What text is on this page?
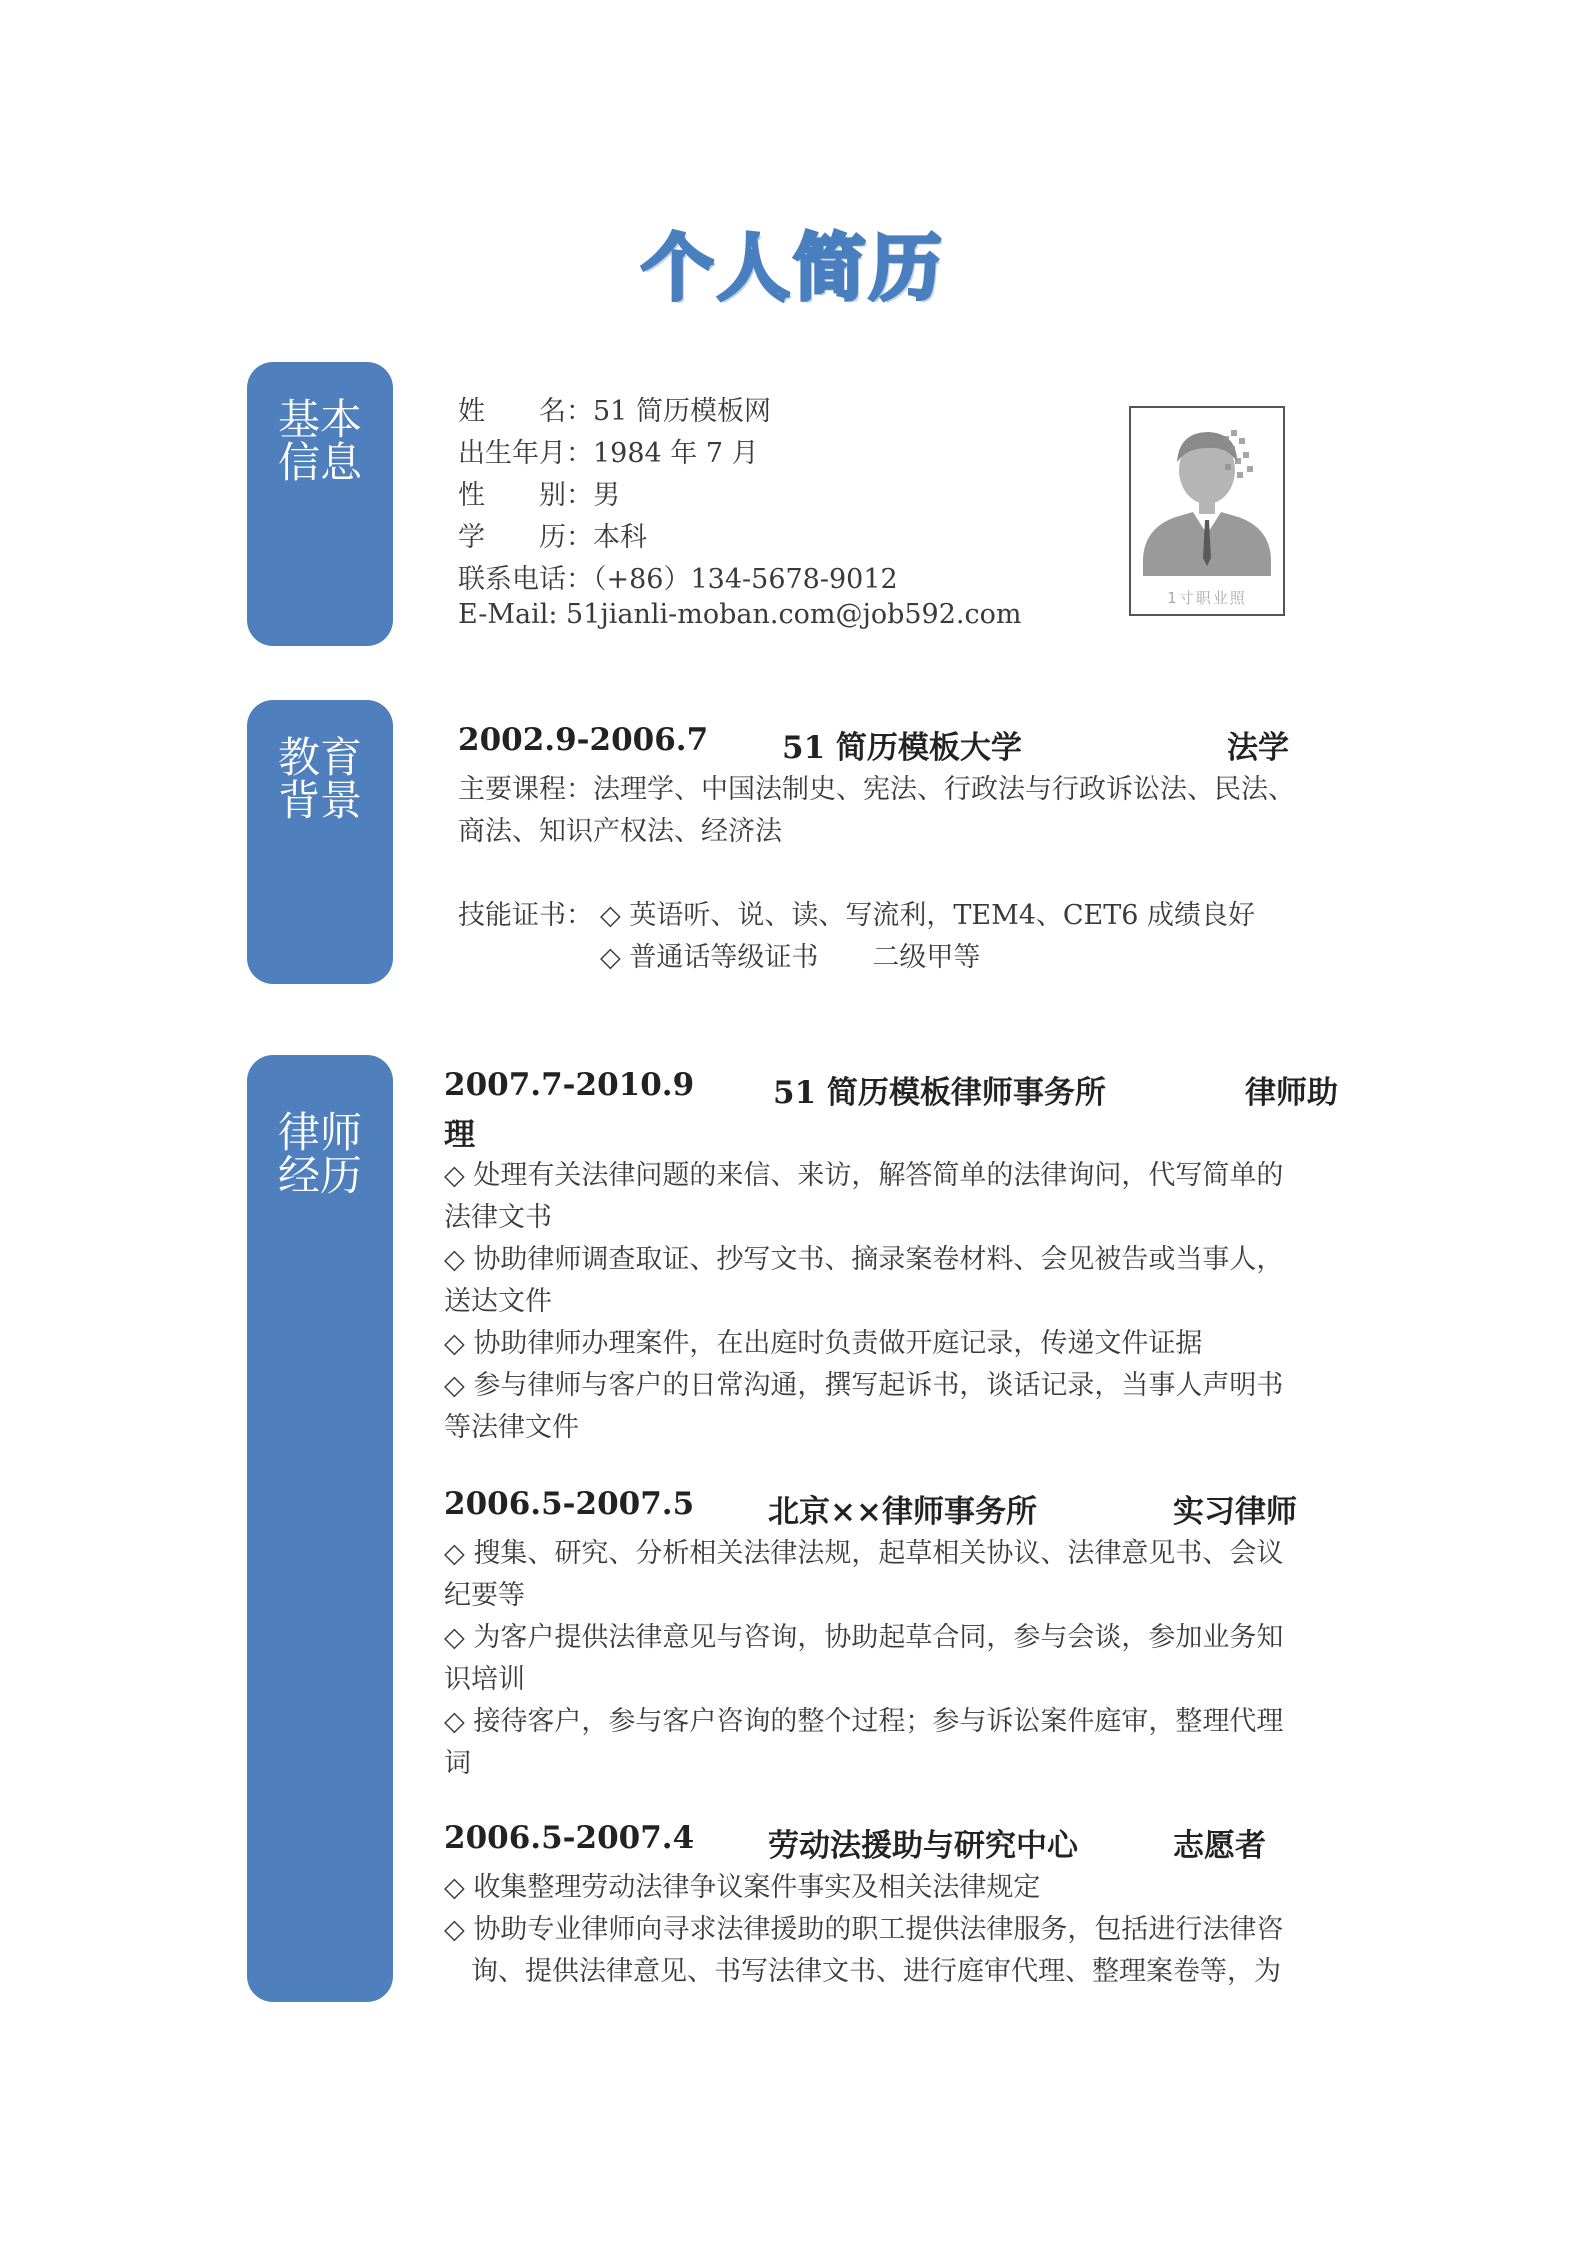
个人简历
基本
信息
姓　　名：51 简历模板网
出生年月：1984 年 7 月
性　　别：男
学　　历：本科
联系电话：（+86）134-5678-9012
E-Mail: 51jianli-moban.com@job592.com
1寸职业照
教育
背景
2002.9-2006.7 51 简历模板大学	法学
主要课程：法理学、中国法制史、宪法、行政法与行政诉讼法、民法、
商法、知识产权法、经济法
技能证书： ◇ 英语听、说、读、写流利，TEM4、CET6 成绩良好
◇ 普通话等级证书　　二级甲等
律师
经历
2007.7-2010.9	51 简历模板律师事务所	律师助
理
◇ 处理有关法律问题的来信、来访，解答简单的法律询问，代写简单的
法律文书
◇ 协助律师调查取证、抄写文书、摘录案卷材料、会见被告或当事人，
送达文件
◇ 协助律师办理案件，在出庭时负责做开庭记录，传递文件证据
◇ 参与律师与客户的日常沟通，撰写起诉书，谈话记录，当事人声明书
等法律文件
2006.5-2007.5 北京××律师事务所	实习律师
◇ 搜集、研究、分析相关法律法规，起草相关协议、法律意见书、会议
纪要等
◇ 为客户提供法律意见与咨询，协助起草合同，参与会谈，参加业务知
识培训
◇ 接待客户，参与客户咨询的整个过程；参与诉讼案件庭审，整理代理
词
2006.5-2007.4 劳动法援助与研究中心	志愿者
◇ 收集整理劳动法律争议案件事实及相关法律规定
◇ 协助专业律师向寻求法律援助的职工提供法律服务，包括进行法律咨
　询、提供法律意见、书写法律文书、进行庭审代理、整理案卷等，为
